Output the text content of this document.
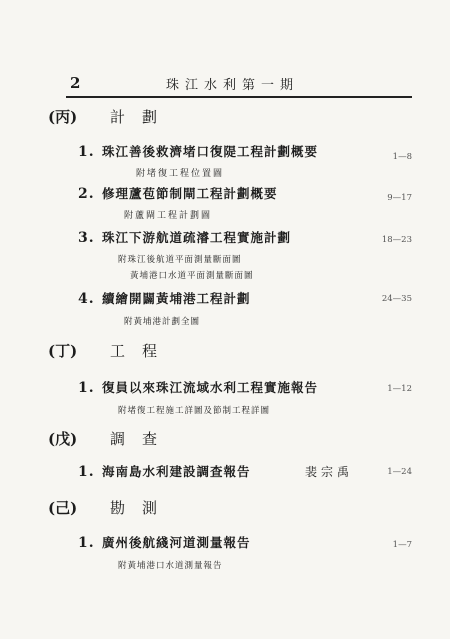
2	珠江水利第一期
(丙) 計 劃
1. 珠江善後救濟堵口復隄工程計劃概要
附堵復工程位置圖
1—8
2. 修理蘆苞節制閘工程計劃概要
附蘆閘工程計劃圖
9—17
3. 珠江下游航道疏濬工程實施計劃
附珠江後航道平面測量斷面圖
黃埔港口水道平面測量斷面圖
18—23
4. 續繪開闢黃埔港工程計劃
附黃埔港計劃全圖
24—35
(丁) 工 程
1. 復員以來珠江流域水利工程實施報告
附堵復工程施工詳圖及節制工程詳圖
1—12
(戊) 調 查
1. 海南島水利建設調查報告	裴宗禹	1—24
(己) 勘 測
1. 廣州後航綫河道測量報告
附黃埔港口水道測量報告
1—7
